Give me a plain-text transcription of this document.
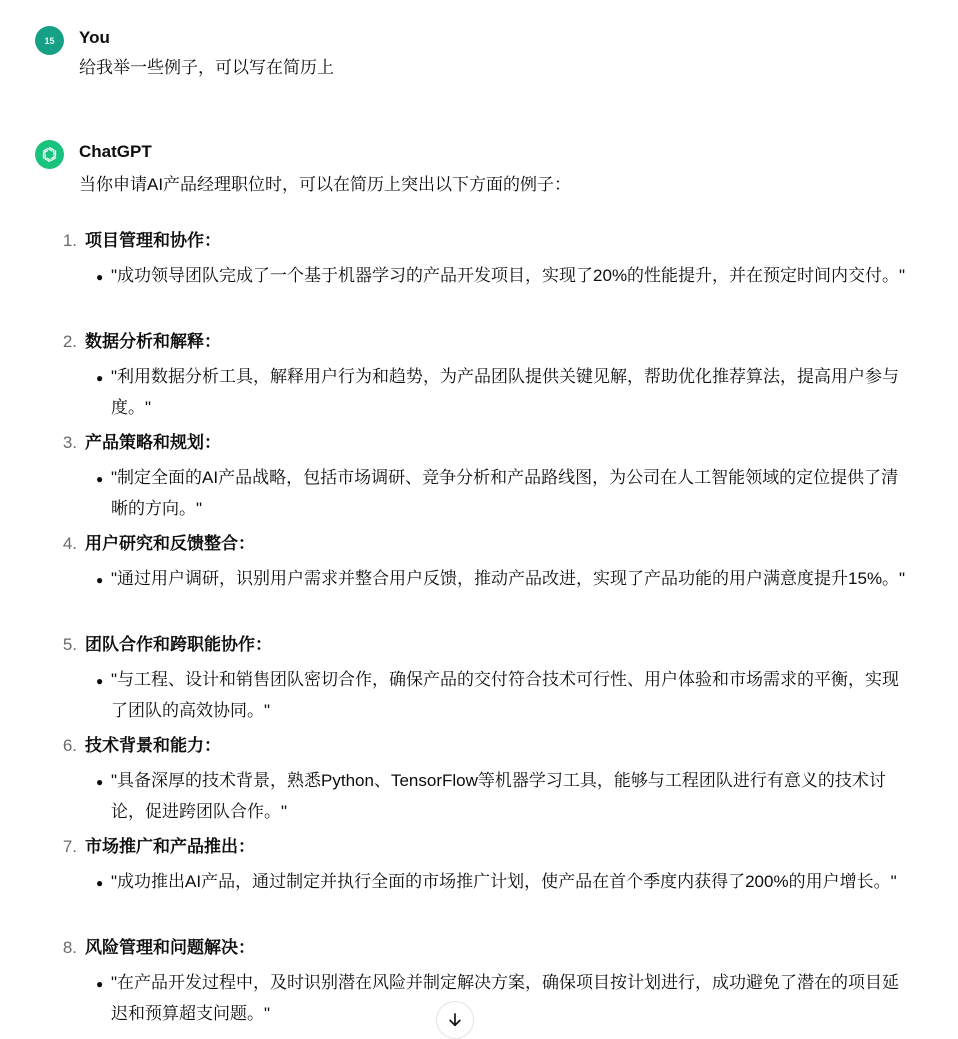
15 You
给我举一些例子，可以写在简历上
ChatGPT
当你申请AI产品经理职位时，可以在简历上突出以下方面的例子：
1. 项目管理和协作：
● "成功领导团队完成了一个基于机器学习的产品开发项目，实现了20%的性能提升，并在预定时间内交付。"
2. 数据分析和解释：
● "利用数据分析工具，解释用户行为和趋势，为产品团队提供关键见解，帮助优化推荐算法，提高用户参与度。"
3. 产品策略和规划：
● "制定全面的AI产品战略，包括市场调研、竞争分析和产品路线图，为公司在人工智能领域的定位提供了清晰的方向。"
4. 用户研究和反馈整合：
● "通过用户调研，识别用户需求并整合用户反馈，推动产品改进，实现了产品功能的用户满意度提升15%。"
5. 团队合作和跨职能协作：
● "与工程、设计和销售团队密切合作，确保产品的交付符合技术可行性、用户体验和市场需求的平衡，实现了团队的高效协同。"
6. 技术背景和能力：
● "具备深厚的技术背景，熟悉Python、TensorFlow等机器学习工具，能够与工程团队进行有意义的技术讨论，促进跨团队合作。"
7. 市场推广和产品推出：
● "成功推出AI产品，通过制定并执行全面的市场推广计划，使产品在首个季度内获得了200%的用户增长。"
8. 风险管理和问题解决：
● "在产品开发过程中，及时识别潜在风险并制定解决方案，确保项目按计划进行，成功避免了潜在的项目延迟和预算超支问题。"
